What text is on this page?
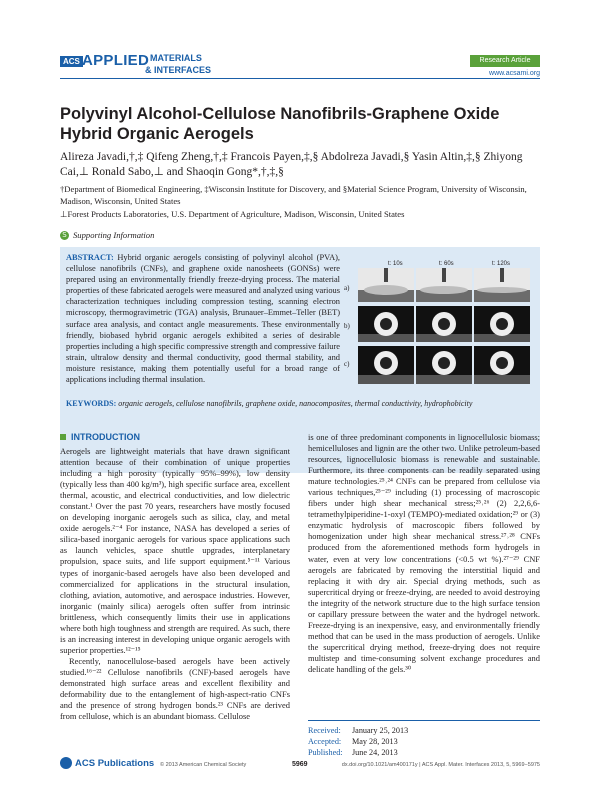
ACS APPLIED MATERIALS
& INTERFACES
Research Article
www.acsami.org
Polyvinyl Alcohol-Cellulose Nanofibrils-Graphene Oxide Hybrid Organic Aerogels
Alireza Javadi,†,‡ Qifeng Zheng,†,‡ Francois Payen,‡,§ Abdolreza Javadi,§ Yasin Altin,‡,§ Zhiyong Cai,⊥ Ronald Sabo,⊥ and Shaoqin Gong*,†,‡,§
†Department of Biomedical Engineering, ‡Wisconsin Institute for Discovery, and §Material Science Program, University of Wisconsin, Madison, Wisconsin, United States
⊥Forest Products Laboratories, U.S. Department of Agriculture, Madison, Wisconsin, United States
S Supporting Information
ABSTRACT: Hybrid organic aerogels consisting of polyvinyl alcohol (PVA), cellulose nanofibrils (CNFs), and graphene oxide nanosheets (GONSs) were prepared using an environmentally friendly freeze-drying process. The material properties of these fabricated aerogels were measured and analyzed using various characterization techniques including compression testing, scanning electron microscopy, thermogravimetric (TGA) analysis, Brunauer–Emmet–Teller (BET) surface area analysis, and contact angle measurements. These environmentally friendly, biobased hybrid organic aerogels exhibited a series of desirable properties including a high specific compressive strength and compressive failure strain, ultralow density and thermal conductivity, good thermal stability, and moisture resistance, making them potentially useful for a broad range of applications including thermal insulation.
t: 10s	t: 60s	t: 120s
a)
b)
c)
KEYWORDS: organic aerogels, cellulose nanofibrils, graphene oxide, nanocomposites, thermal conductivity, hydrophobicity
INTRODUCTION

Aerogels are lightweight materials that have drawn significant attention because of their combination of unique properties including a high porosity (typically 95%–99%), low density (typically less than 400 kg/m³), high specific surface area, excellent thermal, acoustic, and electrical conductivities, and low dielectric constant.¹ Over the past 70 years, researchers have mostly focused on developing inorganic aerogels such as silica, clay, and metal oxide aerogels.²⁻⁴ For instance, NASA has developed a series of silica-based inorganic aerogels for various space applications such as launch vehicles, space shuttle upgrades, interplanetary propulsion, space suits, and life support equipment.⁵⁻¹¹ Various types of inorganic-based aerogels have also been developed and commercialized for applications in the structural insulation, clothing, aviation, automotive, and aerospace industries. However, inorganic (mainly silica) aerogels often suffer from intrinsic brittleness, which consequently limits their use in applications where both high toughness and strength are required. As such, there is an increasing interest in developing unique organic aerogels with superior properties.¹²⁻¹⁵

Recently, nanocellulose-based aerogels have been actively studied.¹⁶⁻²² Cellulose nanofibrils (CNF)-based aerogels have demonstrated high surface areas and excellent flexibility and deformability due to the entanglement of high-aspect-ratio CNFs and the presence of strong hydrogen bonds.²³ CNFs are derived from cellulose, which is an abundant biomass. Cellulose

is one of three predominant components in lignocellulosic biomass; hemicelluloses and lignin are the other two. Unlike petroleum-based resources, lignocellulosic biomass is renewable and sustainable. Furthermore, its three components can be readily separated using mature technologies.²⁵˒²⁴ CNFs can be prepared from cellulose via various techniques,²⁵⁻²⁹ including (1) processing of macroscopic fibers under high shear mechanical stress;²⁵˒²⁶ (2) 2,2,6,6-tetramethylpiperidine-1-oxyl (TEMPO)-mediated oxidation;²⁹ or (3) enzymatic hydrolysis of macroscopic fibers followed by homogenization under high shear mechanical stress.²⁷˒²⁸ CNFs produced from the aforementioned methods form hydrogels in water, even at very low concentrations (<0.5 wt %).²⁷⁻²⁹ CNF aerogels are fabricated by removing the interstitial liquid and replacing it with dry air. Special drying methods, such as supercritical drying or freeze-drying, are needed to avoid destroying the integrity of the network structure due to the high surface tension or capillary pressure between the water and the hydrogel network. Freeze-drying is an inexpensive, easy, and environmentally friendly method that can be used in the mass production of aerogels. Unlike the supercritical drying method, freeze-drying does not require multistep and time-consuming solvent exchange procedures and delicate handling of the gels.³⁰

Received: January 25, 2013
Accepted: May 28, 2013
Published: June 24, 2013
ACS Publications © 2013 American Chemical Society	5969	dx.doi.org/10.1021/am400171y | ACS Appl. Mater. Interfaces 2013, 5, 5969−5975
